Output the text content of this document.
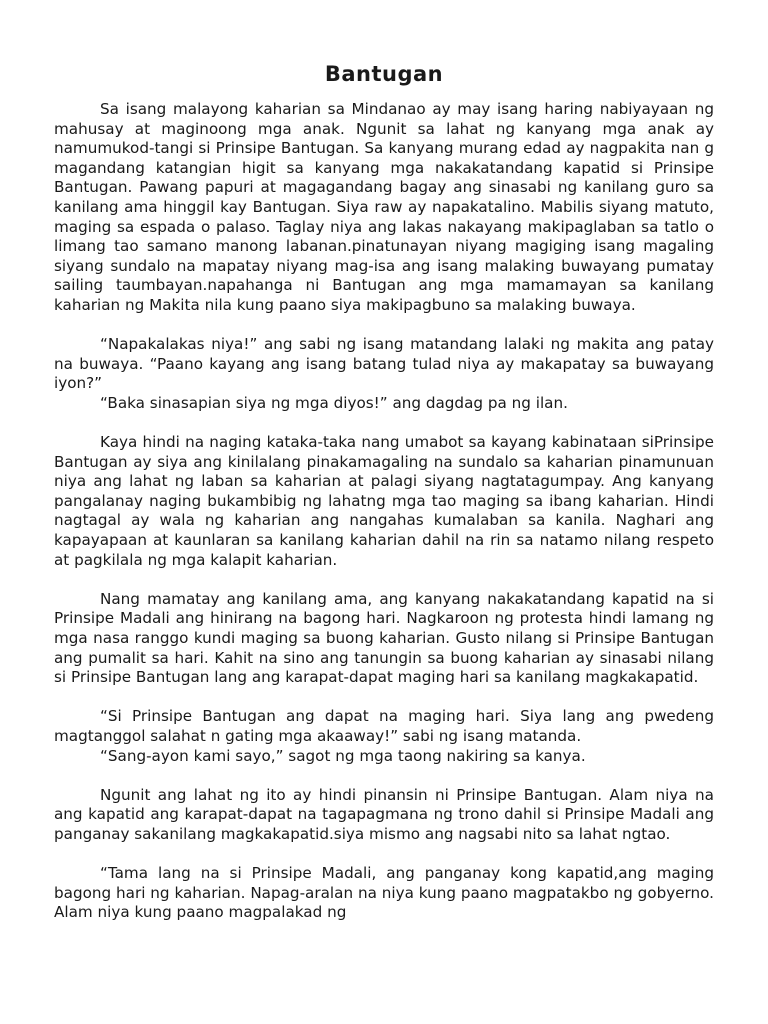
Bantugan

Sa isang malayong kaharian sa Mindanao ay may isang haring nabiyayaan ng mahusay at maginoong mga anak. Ngunit sa lahat ng kanyang mga anak ay namumukod-tangi si Prinsipe Bantugan. Sa kanyang murang edad ay nagpakita nan g magandang katangian higit sa kanyang mga nakakatandang kapatid si Prinsipe Bantugan. Pawang papuri at magagandang bagay ang sinasabi ng kanilang guro sa kanilang ama hinggil kay Bantugan. Siya raw ay napakatalino. Mabilis siyang matuto, maging sa espada o palaso. Taglay niya ang lakas nakayang makipaglaban sa tatlo o limang tao samano manong labanan.pinatunayan niyang magiging isang magaling siyang sundalo na mapatay niyang mag-isa ang isang malaking buwayang pumatay sailing taumbayan.napahanga ni Bantugan ang mga mamamayan sa kanilang kaharian ng Makita nila kung paano siya makipagbuno sa malaking buwaya.

“Napakalakas niya!” ang sabi ng isang matandang lalaki ng makita ang patay na buwaya. “Paano kayang ang isang batang tulad niya ay makapatay sa buwayang iyon?”

“Baka sinasapian siya ng mga diyos!” ang dagdag pa ng ilan.

Kaya hindi na naging kataka-taka nang umabot sa kayang kabinataan siPrinsipe Bantugan ay siya ang kinilalang pinakamagaling na sundalo sa kaharian pinamunuan niya ang lahat ng laban sa kaharian at palagi siyang nagtatagumpay. Ang kanyang pangalanay naging bukambibig ng lahatng mga tao maging sa ibang kaharian. Hindi nagtagal ay wala ng kaharian ang nangahas kumalaban sa kanila. Naghari ang kapayapaan at kaunlaran sa kanilang kaharian dahil na rin sa natamo nilang respeto at pagkilala ng mga kalapit kaharian.

Nang mamatay ang kanilang ama, ang kanyang nakakatandang kapatid na si Prinsipe Madali ang hinirang na bagong hari. Nagkaroon ng protesta hindi lamang ng mga nasa ranggo kundi maging sa buong kaharian. Gusto nilang si Prinsipe Bantugan ang pumalit sa hari. Kahit na sino ang tanungin sa buong kaharian ay sinasabi nilang si Prinsipe Bantugan lang ang karapat-dapat maging hari sa kanilang magkakapatid.

“Si Prinsipe Bantugan ang dapat na maging hari. Siya lang ang pwedeng magtanggol salahat n gating mga akaaway!” sabi ng isang matanda.

“Sang-ayon kami sayo,” sagot ng mga taong nakiring sa kanya.

Ngunit ang lahat ng ito ay hindi pinansin ni Prinsipe Bantugan. Alam niya na ang kapatid ang karapat-dapat na tagapagmana ng trono dahil si Prinsipe Madali ang panganay sakanilang magkakapatid.siya mismo ang nagsabi nito sa lahat ngtao.

“Tama lang na si Prinsipe Madali, ang panganay kong kapatid,ang maging bagong hari ng kaharian. Napag-aralan na niya kung paano magpatakbo ng gobyerno. Alam niya kung paano magpalakad ng
